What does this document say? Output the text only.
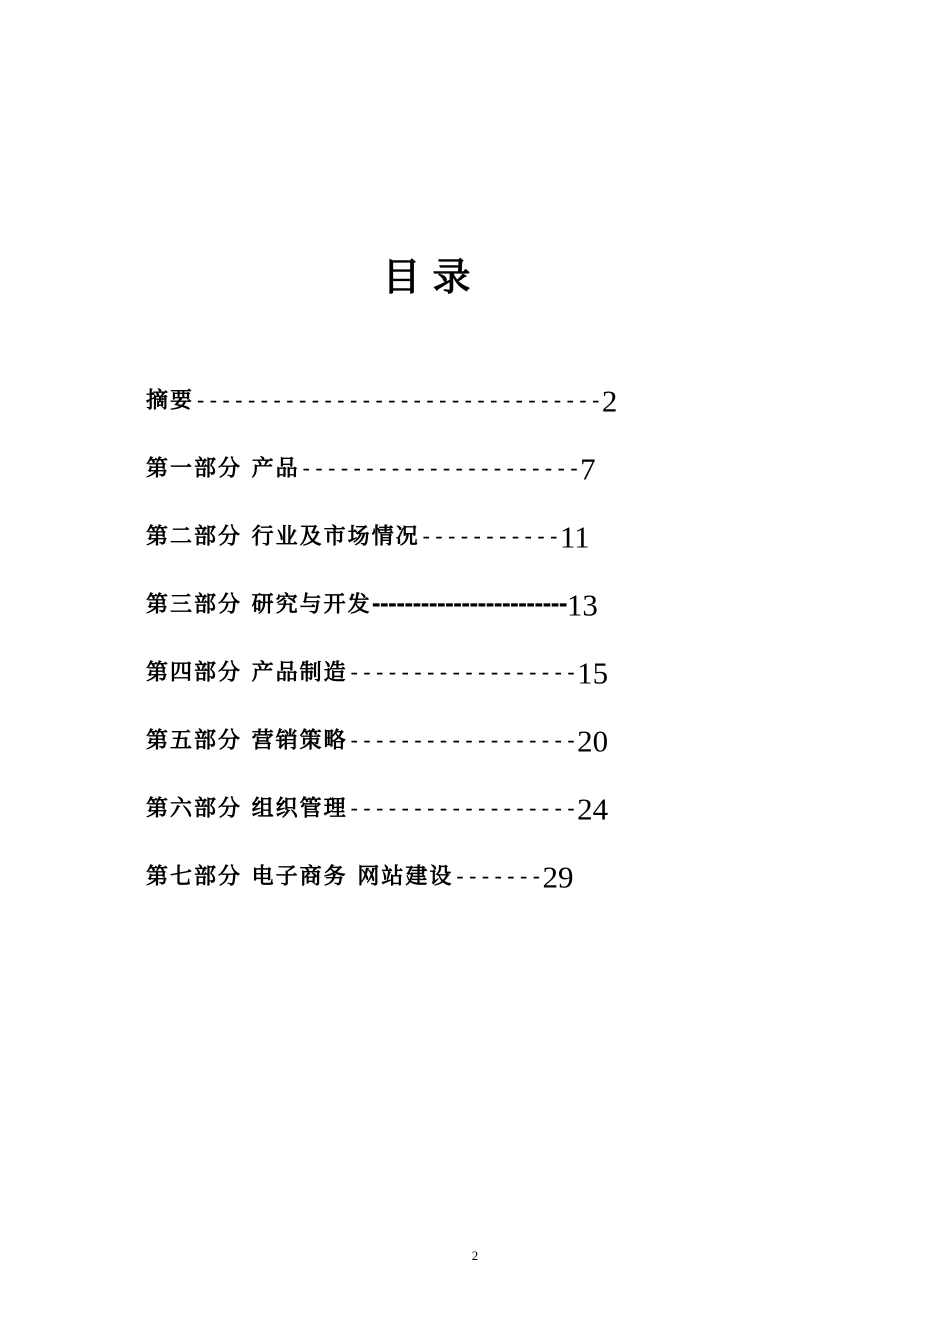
目录
摘要--------------------------------2
第一部分 产品----------------------7
第二部分 行业及市场情况-----------11
第三部分 研究与开发------------------------13
第四部分 产品制造------------------15
第五部分 营销策略------------------20
第六部分 组织管理------------------24
第七部分 电子商务 网站建设-------29
2
